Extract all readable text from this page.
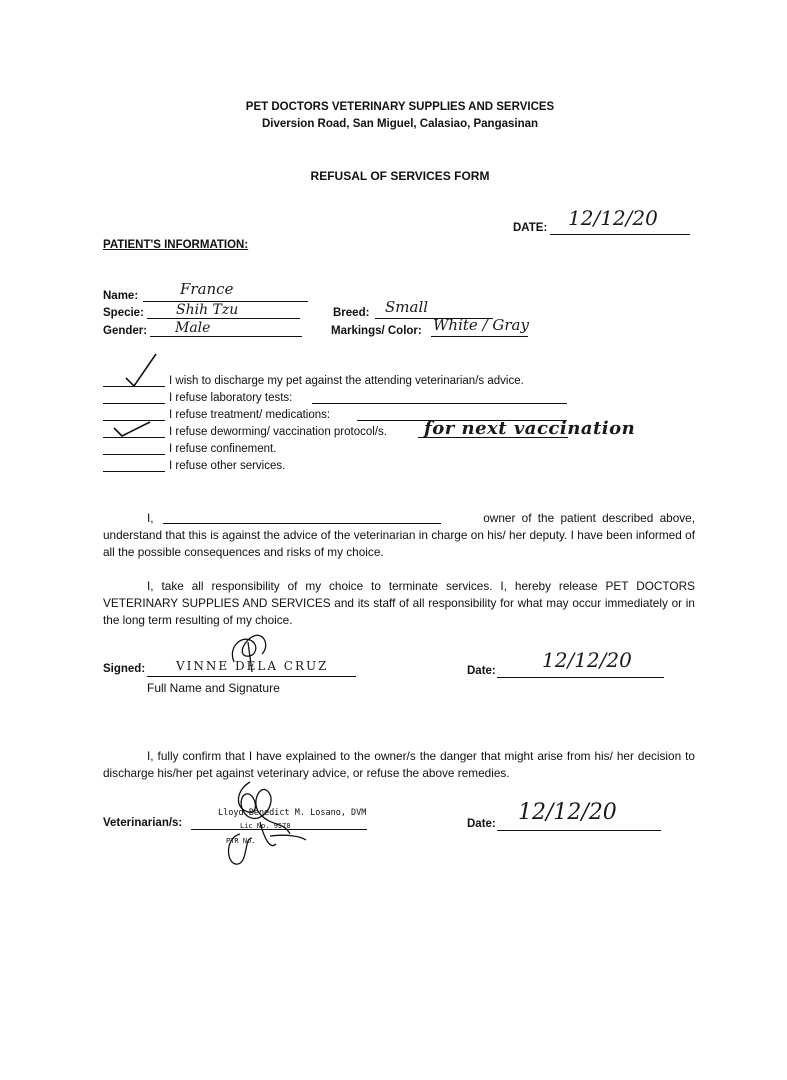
PET DOCTORS VETERINARY SUPPLIES AND SERVICES
Diversion Road, San Miguel, Calasiao, Pangasinan
REFUSAL OF SERVICES FORM
DATE: 12/12/20
PATIENT'S INFORMATION:
Name:	France
Specie: Shih Tzu
Gender: Male
Breed: Small
Markings/ Color: White / Gray
I wish to discharge my pet against the attending veterinarian/s advice.
I refuse laboratory tests:
I refuse treatment/ medications:
I refuse deworming/ vaccination protocol/s. for next vaccination
I refuse confinement.
I refuse other services.
I,	owner of the patient described above,
understand that this is against the advice of the veterinarian in charge on his/ her deputy. I have been informed of all the possible consequences and risks of my choice.
I, take all responsibility of my choice to terminate services. I, hereby release PET DOCTORS VETERINARY SUPPLIES AND SERVICES and its staff of all responsibility for what may occur immediately or in the long term resulting of my choice.
Signed:	VINNE DELA CRUZ
Full Name and Signature
Date: 12/12/20
I, fully confirm that I have explained to the owner/s the danger that might arise from his/ her decision to discharge his/her pet against veterinary advice, or refuse the above remedies.
Veterinarian/s:
Lloyd Benedict M. Losano, DVM
Lic No. 9578
PTR No.
Date: 12/12/20
